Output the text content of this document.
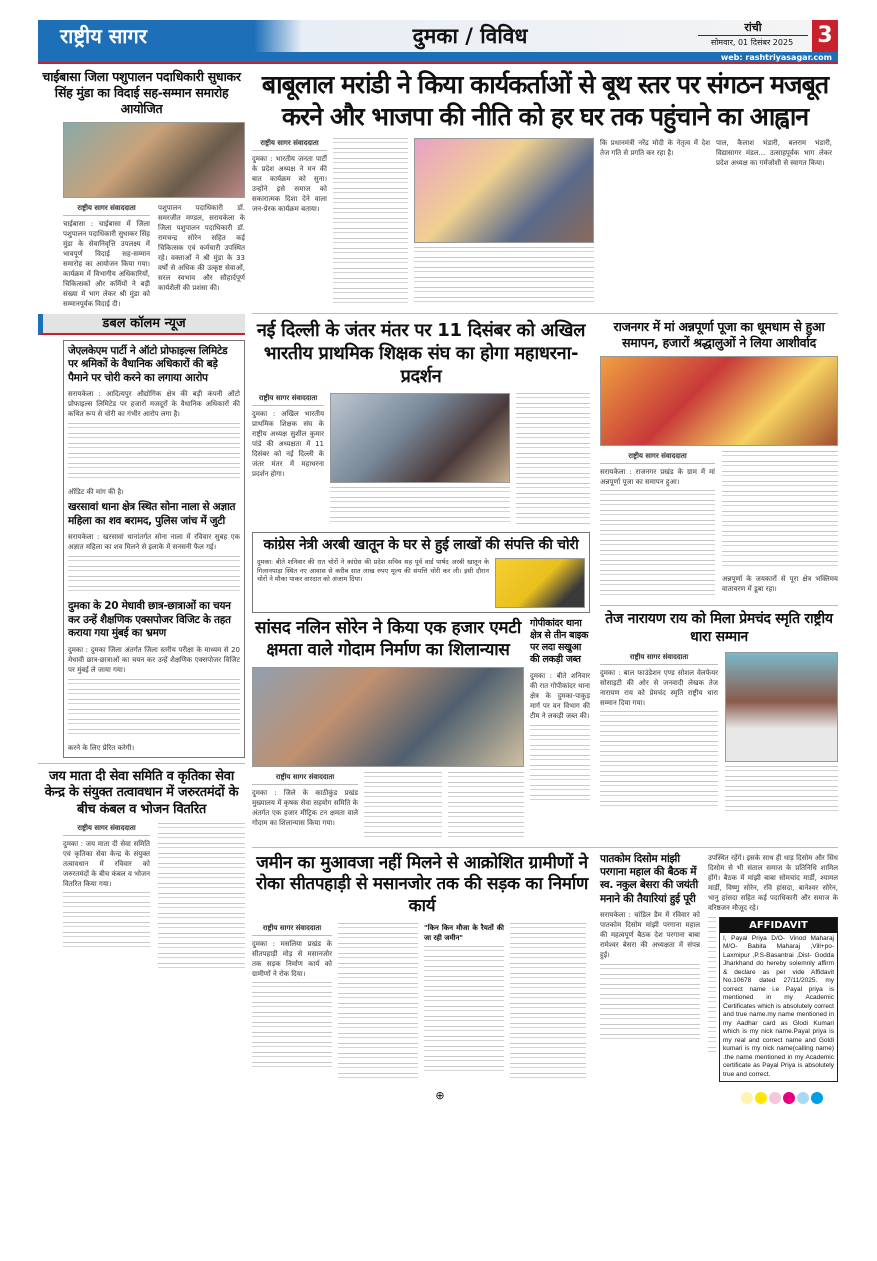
राष्ट्रीय सागर	दुमका / विविध	रांची
सोमवार, 01 दिसंबर 2025	3
web: rashtriyasagar.com
चाईबासा जिला पशुपालन पदाधिकारी सुधाकर सिंह मुंडा का विदाई सह-सम्मान समारोह आयोजित
राष्ट्रीय सागर संवाददाता
चाईबासा : चाईबासा में जिला पशुपालन पदाधिकारी सुधाकर सिंह मुंडा के सेवानिवृत्ति उपलक्ष्य में भावपूर्ण विदाई सह-सम्मान समारोह का आयोजन किया गया। कार्यक्रम में विभागीय अधिकारियों, चिकित्सकों और कर्मियों ने बड़ी संख्या में भाग लेकर श्री मुंडा को सम्मानपूर्वक विदाई दी।
पशुपालन पदाधिकारी डॉ. समरजीत मण्डल, सरायकेला के जिला पशुपालन पदाधिकारी डॉ. रामचन्द्र सोरेन सहित कई चिकित्सक एवं कर्मचारी उपस्थित रहे। वक्ताओं ने श्री मुंडा के 33 वर्षों से अधिक की उत्कृष्ट सेवाओं, सरल स्वभाव और सौहार्दपूर्ण कार्यशैली की प्रशंसा की।
डबल कॉलम न्यूज
जेएलकेएम पार्टी ने ऑटो प्रोफाइल्स लिमिटेड पर श्रमिकों के वैधानिक अधिकारों की बड़े पैमाने पर चोरी करने का लगाया आरोप
सरायकेला : आदित्यपुर औद्योगिक क्षेत्र की बड़ी कंपनी ऑटो प्रोफाइल्स लिमिटेड पर हजारों मजदूरों के वैधानिक अधिकारों की कथित रूप से चोरी का गंभीर आरोप लगा है।
ऑडिट की मांग की है।
खरसावां थाना क्षेत्र स्थित सोना नाला से अज्ञात महिला का शव बरामद, पुलिस जांच में जुटी
सरायकेला : खरसावां थानांतर्गत सोना नाला में रविवार सुबह एक अज्ञात महिला का शव मिलने से इलाके में सनसनी फैल गई।
दुमका के 20 मेधावी छात्र-छात्राओं का चयन कर उन्हें शैक्षणिक एक्सपोजर विजिट के तहत कराया गया मुंबई का भ्रमण
दुमका : दुमका जिला अंतर्गत जिला स्तरीय परीक्षा के माध्यम से 20 मेधावी छात्र-छात्राओं का चयन कर उन्हें शैक्षणिक एक्सपोजर विजिट पर मुंबई ले जाया गया।
करने के लिए प्रेरित करेगी।
जय माता दी सेवा समिति व कृतिका सेवा केन्द्र के संयुक्त तत्वावधान में जरुरतमंदों के बीच कंबल व भोजन वितरित
राष्ट्रीय सागर संवाददाता
दुमका : जय माता दी सेवा समिति एवं कृतिका सेवा केन्द्र के संयुक्त तत्वावधान में रविवार को जरुरतमंदों के बीच कंबल व भोजन वितरित किया गया।
बाबूलाल मरांडी ने किया कार्यकर्ताओं से बूथ स्तर पर संगठन मजबूत करने और भाजपा की नीति को हर घर तक पहुंचाने का आह्वान
राष्ट्रीय सागर संवाददाता
दुमका : भारतीय जनता पार्टी के प्रदेश अध्यक्ष ने मन की बात कार्यक्रम को सुना। उन्होंने इसे समाज को सकारात्मक दिशा देने वाला जन-प्रेरक कार्यक्रम बताया।
कि प्रधानमंत्री नरेंद्र मोदी के नेतृत्व में देश तेज गति से प्रगति कर रहा है।
पाल, कैलाश भंडारी, बलराम भंडारी, विद्यासागर मंडल... उत्साहपूर्वक भाग लेकर प्रदेश अध्यक्ष का गर्मजोशी से स्वागत किया।
नई दिल्ली के जंतर मंतर पर 11 दिसंबर को अखिल भारतीय प्राथमिक शिक्षक संघ का होगा महाधरना-प्रदर्शन
राष्ट्रीय सागर संवाददाता
दुमका : अखिल भारतीय प्राथमिक शिक्षक संघ के राष्ट्रीय अध्यक्ष सुशील कुमार पांडे की अध्यक्षता में 11 दिसंबर को नई दिल्ली के जंतर मंतर में महाधरना प्रदर्शन होगा।
कांग्रेस नेत्री अरबी खातून के घर से हुई लाखों की संपत्ति की चोरी
दुमका: बीते शनिवार की रात चोरों ने कांग्रेस की प्रदेश सचिव सह पूर्व वार्ड पार्षद अरबी खातून के गिलानपाड़ा स्थित नए आवास से करीब सात लाख रुपए मूल्य की संपत्ति चोरी कर ली। इसी दौरान चोरों ने मौका पाकर वारदात को अंजाम दिया।
सांसद नलिन सोरेन ने किया एक हजार एमटी क्षमता वाले गोदाम निर्माण का शिलान्यास
राष्ट्रीय सागर संवाददाता
दुमका : जिले के काठीकुंड प्रखंड मुख्यालय में कृषक सेवा सहयोग समिति के अंतर्गत एक हजार मीट्रिक टन क्षमता वाले गोदाम का शिलान्यास किया गया।
गोपीकांदर थाना क्षेत्र से तीन बाइक पर लदा सखुआ की लकड़ी जब्त
दुमका : बीते शनिवार की रात गोपीकांदर थाना क्षेत्र के दुमका-पाकुड़ मार्ग पर वन विभाग की टीम ने लकड़ी जब्त की।
राजनगर में मां अन्नपूर्णा पूजा का धूमधाम से हुआ समापन, हजारों श्रद्धालुओं ने लिया आशीर्वाद
राष्ट्रीय सागर संवाददाता
सरायकेला : राजनगर प्रखंड के ग्राम में मां अन्नपूर्णा पूजा का समापन हुआ।
अन्नपूर्णा के जयकारों से पूरा क्षेत्र भक्तिमय वातावरण में डूबा रहा।
तेज नारायण राय को मिला प्रेमचंद स्मृति राष्ट्रीय धारा सम्मान
राष्ट्रीय सागर संवाददाता
दुमका : बाल फाउंडेशन एण्ड सोशल वेलफेयर सोसाइटी की ओर से जनवादी लेखक तेज नारायण राय को प्रेमचंद स्मृति राष्ट्रीय धारा सम्मान दिया गया।
जमीन का मुआवजा नहीं मिलने से आक्रोशित ग्रामीणों ने रोका सीतपहाड़ी से मसानजोर तक की सड़क का निर्माण कार्य
राष्ट्रीय सागर संवाददाता
दुमका : मसलिया प्रखंड के सीतपहाड़ी मोड़ से मसानजोर तक सड़क निर्माण कार्य को ग्रामीणों ने रोक दिया।
"किन किन मौजा के रैयतों की जा रही जमीन"
पातकोम दिसोम मांझी परगाना महाल की बैठक में स्व. नकुल बेसरा की जयंती मनाने की तैयारियां हुई पूरी
सरायकेला : चांडिल डैम में रविवार को पातकोम दिसोम मांझी परगाना महाल की महत्वपूर्ण बैठक देश परगाना बाबा रामेश्वर बेसरा की अध्यक्षता में संपन्न हुई।
उपस्थित रहेंगे। इसके साथ ही धाड़ दिसोम और सिंध दिसोम से भी संताल समाज के प्रतिनिधि शामिल होंगे। बैठक में मांझी बाबा सोमचांद मार्डी, श्यामल मार्डी, विष्णु सोरेन, रवि हांसदा, बानेश्वर सोरेन, भानु हांसदा सहित कई पदाधिकारी और समाज के वरिष्ठजन मौजूद रहे।
AFFIDAVIT
I, Payal Priya D/O- Vinod Maharaj M/O- Babita Maharaj ,Vill+po- Laxmipur ,P.S-Basantrai ,Dist- Godda Jharkhand do hereby solemnly affirm & declare as per vide Affidavit No.10678 dated 27/11/2025. my correct name i.e Payal priya is mentioned in my Academic Certificates which is absolutely correct and true name.my name mentioned in my Aadhar card as Glodi Kumari which is my nick name.Payal priya is my real and correct name and Goldi kumari is my nick name(calling name) .the name mentioned in my Academic certificate as Payal Priya is absolutely true and correct.
⊕
